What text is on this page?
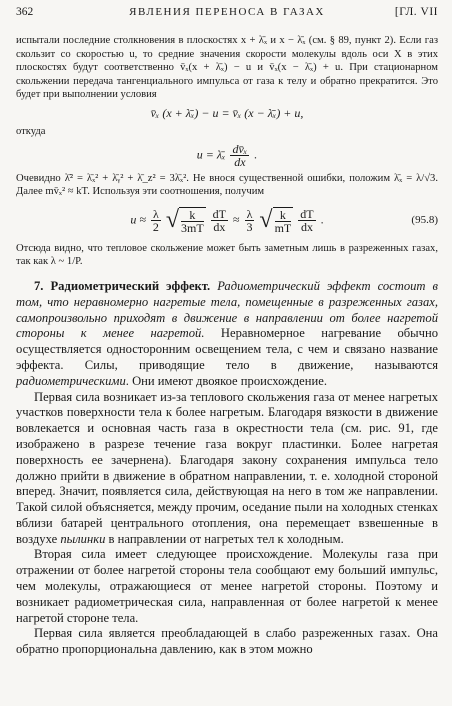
362	ЯВЛЕНИЯ ПЕРЕНОСА В ГАЗАХ	[ГЛ. VII

испытали последние столкновения в плоскостях x + λ̄ₓ и x − λ̄ₓ (см. § 89, пункт 2). Если газ скользит со скоростью u, то средние значения скорости молекулы вдоль оси X в этих плоскостях будут соответственно v̄ₓ(x + λ̄ₓ) − u и v̄ₓ(x − λ̄ₓ) + u. При стационарном скольжении передача тангенциального импульса от газа к телу и обратно прекратится. Это будет при выполнении условия

v̄ₓ (x + λ̄ₓ) − u = v̄ₓ (x − λ̄ₓ) + u,

откуда

u = λ̄ₓ $\frac{\text{dv̄ₓ}}{dx}$ .

Очевидно λ̄² = λ̄ₓ² + λ̄ᵧ² + λ̄_z² = 3λ̄ₓ². Не внося существенной ошибки, положим λ̄ₓ = λ/√3. Далее mv̄ₓ² ≈ kT. Используя эти соотношения, получим

$u \approx \frac{\lambda}{2}$ √ $\frac{k}{3mT}$
$\frac{dT}{dx} \approx \frac{\lambda}{3}$ √ $\frac{k}{mT}$
$\frac{dT}{dx}$ .	(95.8)

Отсюда видно, что тепловое скольжение может быть заметным лишь в разреженных газах, так как λ ~ 1/P.

7. Радиометрический эффект. Радиометрический эффект состоит в том, что неравномерно нагретые тела, помещенные в разреженных газах, самопроизвольно приходят в движение в направлении от более нагретой стороны к менее нагретой. Неравномерное нагревание обычно осуществляется односторонним освещением тела, с чем и связано название эффекта. Силы, приводящие тело в движение, называются радиометрическими. Они имеют двоякое происхождение.

Первая сила возникает из-за теплового скольжения газа от менее нагретых участков поверхности тела к более нагретым. Благодаря вязкости в движение вовлекается и основная часть газа в окрестности тела (см. рис. 91, где изображено в разрезе течение газа вокруг пластинки. Более нагретая поверхность ее зачернена). Благодаря закону сохранения импульса тело должно прийти в движение в обратном направлении, т. е. холодной стороной вперед. Значит, появляется сила, действующая на него в том же направлении. Такой силой объясняется, между прочим, оседание пыли на холодных стенках вблизи батарей центрального отопления, она перемещает взвешенные в воздухе пылинки в направлении от нагретых тел к холодным.

Вторая сила имеет следующее происхождение. Молекулы газа при отражении от более нагретой стороны тела сообщают ему больший импульс, чем молекулы, отражающиеся от менее нагретой стороны. Поэтому и возникает радиометрическая сила, направленная от более нагретой к менее нагретой стороне тела.

Первая сила является преобладающей в слабо разреженных газах. Она обратно пропорциональна давлению, как в этом можно
